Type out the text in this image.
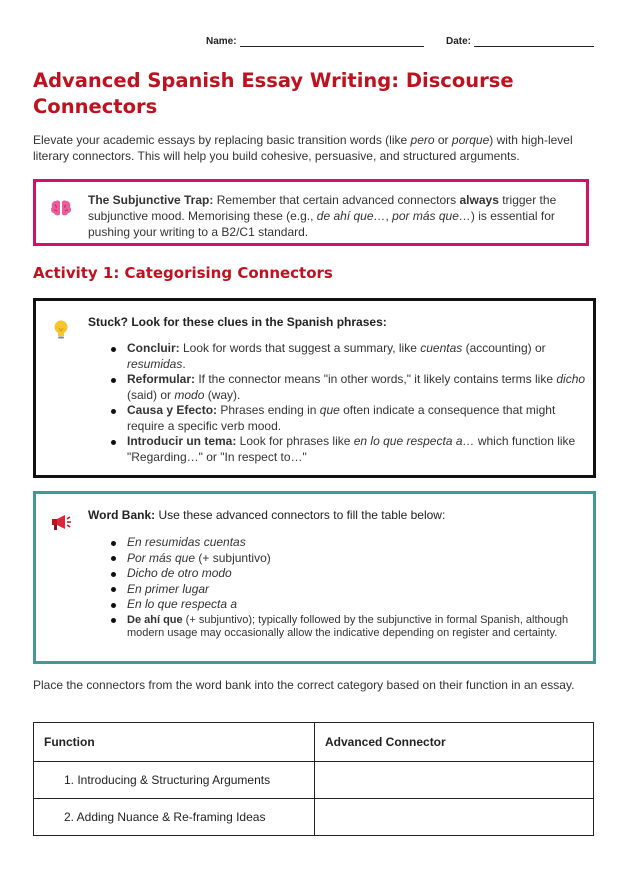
Name:	Date:
Advanced Spanish Essay Writing: Discourse Connectors
Elevate your academic essays by replacing basic transition words (like pero or porque) with high-level literary connectors. This will help you build cohesive, persuasive, and structured arguments.
The Subjunctive Trap: Remember that certain advanced connectors always trigger the subjunctive mood. Memorising these (e.g., de ahí que…, por más que…) is essential for pushing your writing to a B2/C1 standard.
Activity 1: Categorising Connectors
Stuck? Look for these clues in the Spanish phrases:
Concluir: Look for words that suggest a summary, like cuentas (accounting) or resumidas.
Reformular: If the connector means "in other words," it likely contains terms like dicho (said) or modo (way).
Causa y Efecto: Phrases ending in que often indicate a consequence that might require a specific verb mood.
Introducir un tema: Look for phrases like en lo que respecta a… which function like "Regarding…" or "In respect to…"
Word Bank: Use these advanced connectors to fill the table below:
En resumidas cuentas
Por más que (+ subjuntivo)
Dicho de otro modo
En primer lugar
En lo que respecta a
De ahí que (+ subjuntivo); typically followed by the subjunctive in formal Spanish, although modern usage may occasionally allow the indicative depending on register and certainty.
Place the connectors from the word bank into the correct category based on their function in an essay.
Function	Advanced Connector
1. Introducing & Structuring Arguments	
2. Adding Nuance & Re-framing Ideas	
